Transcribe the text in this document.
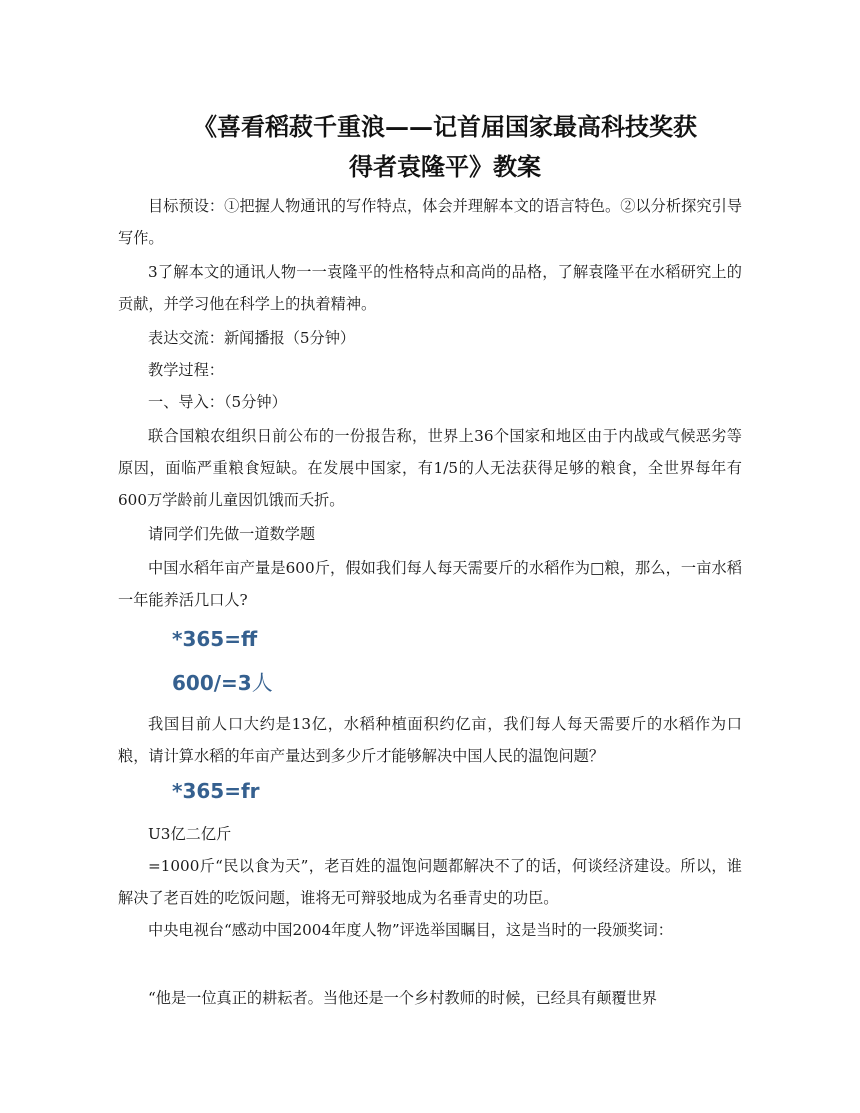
《喜看稻菽千重浪——记首届国家最高科技奖获
得者袁隆平》教案

目标预设：①把握人物通讯的写作特点，体会并理解本文的语言特色。②以分析探究引导写作。

3了解本文的通讯人物一一袁隆平的性格特点和高尚的品格，了解袁隆平在水稻研究上的贡献，并学习他在科学上的执着精神。

表达交流：新闻播报（5分钟）

教学过程：

一、导入：（5分钟）

联合国粮农组织日前公布的一份报告称，世界上36个国家和地区由于内战或气候恶劣等原因，面临严重粮食短缺。在发展中国家，有1/5的人无法获得足够的粮食，全世界每年有600万学龄前儿童因饥饿而夭折。

请同学们先做一道数学题

中国水稻年亩产量是600斤，假如我们每人每天需要斤的水稻作为□粮，那么，一亩水稻一年能养活几口人?

*365=ff
600/=3人

我国目前人口大约是13亿，水稻种植面积约亿亩，我们每人每天需要斤的水稻作为口粮，请计算水稻的年亩产量达到多少斤才能够解决中国人民的温饱问题？

*365=fr

U3亿二亿斤

=1000斤“民以食为天”，老百姓的温饱问题都解决不了的话，何谈经济建设。所以，谁解决了老百姓的吃饭问题，谁将无可辩驳地成为名垂青史的功臣。

中央电视台“感动中国2004年度人物”评选举国瞩目，这是当时的一段颁奖词：

“他是一位真正的耕耘者。当他还是一个乡村教师的时候，已经具有颠覆世界
